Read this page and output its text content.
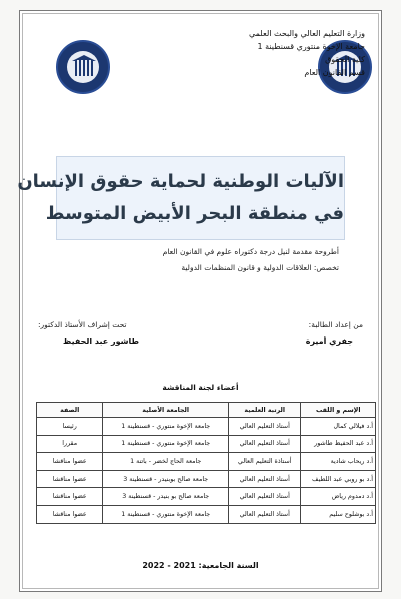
وزارة التعليم العالي والبحث العلمي
جامعة الإخوة منتوري قسنطينة 1
كلية الحقوق
قسم القانون العام
الآليات الوطنية لحماية حقوق الإنسان
في منطقة البحر الأبيض المتوسط
أطروحة مقدمة لنيل درجة دكتوراه علوم في القانون العام
تخصص: العلاقات الدولية و قانون المنظمات الدولية
من إعداد الطالبة:
جفري أميرة
تحت إشراف الأستاذ الدكتور:
طاشور عبد الحفيظ
أعضاء لجنة المناقشة
الإسم و اللقب	الرتبة العلمية	الجامعة الأصلية	الصفة
أ.د فيلالي كمال	أستاذ التعليم العالي	جامعة الإخوة منتوري - قسنطينة 1	رئيسا
أ.د عبد الحفيظ طاشور	أستاذ التعليم العالي	جامعة الإخوة منتوري - قسنطينة 1	مقررا
أ.د ريحاب شادية	أستاذة التعليم العالي	جامعة الحاج لخضر - باتنة 1	عضوا مناقشا
أ.د بو روبي عبد اللطيف	أستاذ التعليم العالي	جامعة صالح بوبنيدر - قسنطينة 3	عضوا مناقشا
أ.د دمدوم رياض	أستاذ التعليم العالي	جامعة صالح بو بنيدر - قسنطينة 3	عضوا مناقشا
أ.د بوشلوح سليم	أستاذ التعليم العالي	جامعة الإخوة منتوري - قسنطينة 1	عضوا مناقشا
السنة الجامعية: 2021 - 2022
